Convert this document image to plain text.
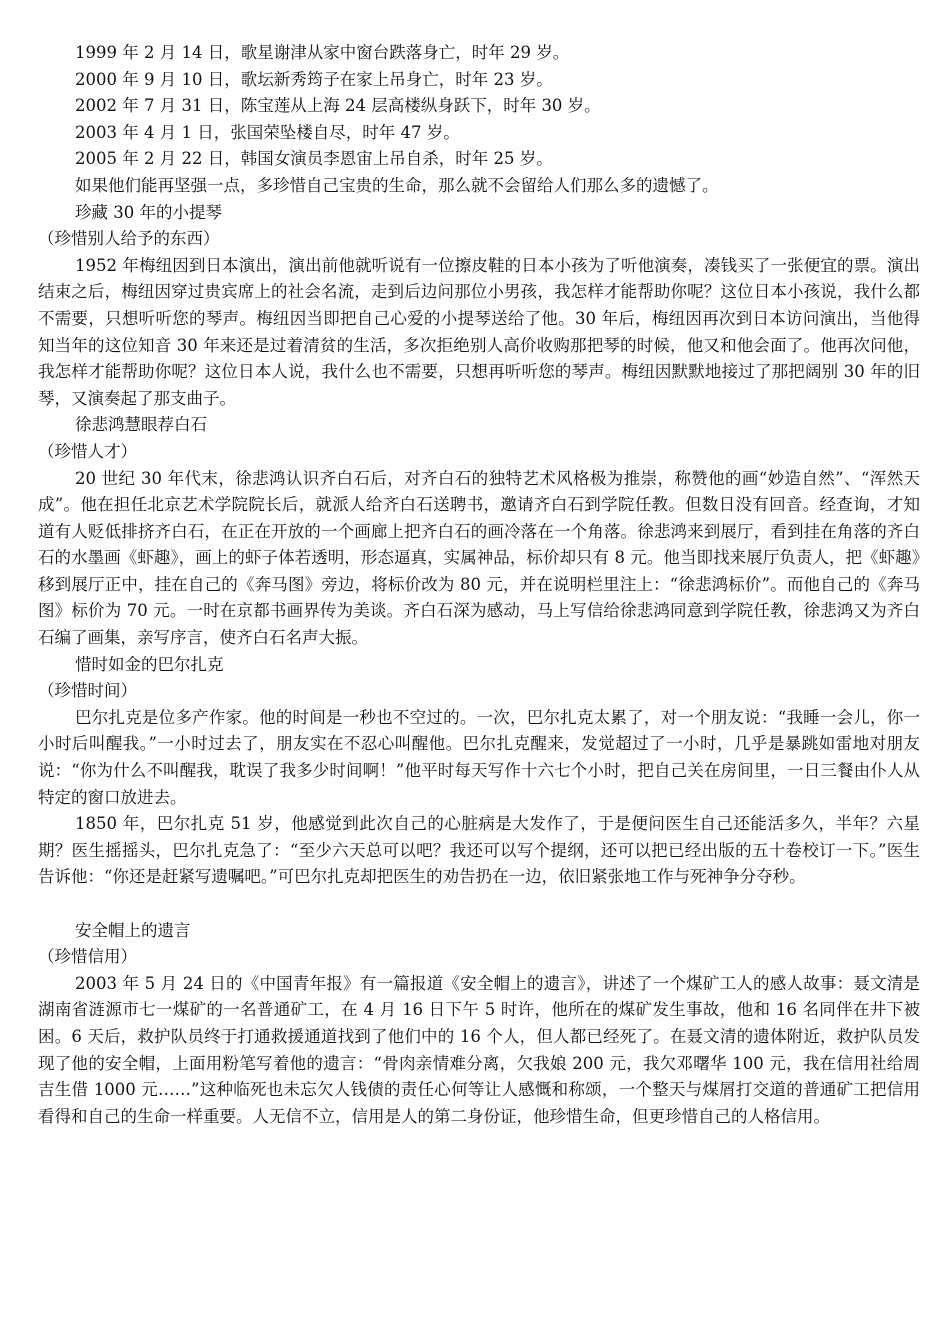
1999 年 2 月 14 日，歌星谢津从家中窗台跌落身亡，时年 29 岁。

2000 年 9 月 10 日，歌坛新秀筠子在家上吊身亡，时年 23 岁。

2002 年 7 月 31 日，陈宝莲从上海 24 层高楼纵身跃下，时年 30 岁。

2003 年 4 月 1 日，张国荣坠楼自尽，时年 47 岁。

2005 年 2 月 22 日，韩国女演员李恩宙上吊自杀，时年 25 岁。

如果他们能再坚强一点，多珍惜自己宝贵的生命，那么就不会留给人们那么多的遗憾了。

珍藏 30 年的小提琴

（珍惜别人给予的东西）

1952 年梅纽因到日本演出，演出前他就听说有一位擦皮鞋的日本小孩为了听他演奏，凑钱买了一张便宜的票。演出结束之后，梅纽因穿过贵宾席上的社会名流，走到后边问那位小男孩，我怎样才能帮助你呢？这位日本小孩说，我什么都不需要，只想听听您的琴声。梅纽因当即把自己心爱的小提琴送给了他。30 年后，梅纽因再次到日本访问演出，当他得知当年的这位知音 30 年来还是过着清贫的生活，多次拒绝别人高价收购那把琴的时候，他又和他会面了。他再次问他，我怎样才能帮助你呢？这位日本人说，我什么也不需要，只想再听听您的琴声。梅纽因默默地接过了那把阔别 30 年的旧琴，又演奏起了那支曲子。

徐悲鸿慧眼荐白石

（珍惜人才）

20 世纪 30 年代末，徐悲鸿认识齐白石后，对齐白石的独特艺术风格极为推崇，称赞他的画“妙造自然”、“浑然天成”。他在担任北京艺术学院院长后，就派人给齐白石送聘书，邀请齐白石到学院任教。但数日没有回音。经查询，才知道有人贬低排挤齐白石，在正在开放的一个画廊上把齐白石的画冷落在一个角落。徐悲鸿来到展厅，看到挂在角落的齐白石的水墨画《虾趣》，画上的虾子体若透明，形态逼真，实属神品，标价却只有 8 元。他当即找来展厅负责人，把《虾趣》移到展厅正中，挂在自己的《奔马图》旁边，将标价改为 80 元，并在说明栏里注上：“徐悲鸿标价”。而他自己的《奔马图》标价为 70 元。一时在京都书画界传为美谈。齐白石深为感动，马上写信给徐悲鸿同意到学院任教，徐悲鸿又为齐白石编了画集，亲写序言，使齐白石名声大振。

惜时如金的巴尔扎克

（珍惜时间）

巴尔扎克是位多产作家。他的时间是一秒也不空过的。一次，巴尔扎克太累了，对一个朋友说：“我睡一会儿，你一小时后叫醒我。”一小时过去了，朋友实在不忍心叫醒他。巴尔扎克醒来，发觉超过了一小时，几乎是暴跳如雷地对朋友说：“你为什么不叫醒我，耽误了我多少时间啊！”他平时每天写作十六七个小时，把自己关在房间里，一日三餐由仆人从特定的窗口放进去。

1850 年，巴尔扎克 51 岁，他感觉到此次自己的心脏病是大发作了，于是便问医生自己还能活多久，半年？六星期？医生摇摇头，巴尔扎克急了：“至少六天总可以吧？我还可以写个提纲，还可以把已经出版的五十卷校订一下。”医生告诉他：“你还是赶紧写遗嘱吧。”可巴尔扎克却把医生的劝告扔在一边，依旧紧张地工作与死神争分夺秒。

安全帽上的遗言

（珍惜信用）

2003 年 5 月 24 日的《中国青年报》有一篇报道《安全帽上的遗言》，讲述了一个煤矿工人的感人故事：聂文清是湖南省涟源市七一煤矿的一名普通矿工，在 4 月 16 日下午 5 时许，他所在的煤矿发生事故，他和 16 名同伴在井下被困。6 天后，救护队员终于打通救援通道找到了他们中的 16 个人，但人都已经死了。在聂文清的遗体附近，救护队员发现了他的安全帽，上面用粉笔写着他的遗言：“骨肉亲情难分离，欠我娘 200 元，我欠邓曙华 100 元，我在信用社给周吉生借 1000 元……”这种临死也未忘欠人钱债的责任心何等让人感慨和称颂，一个整天与煤屑打交道的普通矿工把信用看得和自己的生命一样重要。人无信不立，信用是人的第二身份证，他珍惜生命，但更珍惜自己的人格信用。
